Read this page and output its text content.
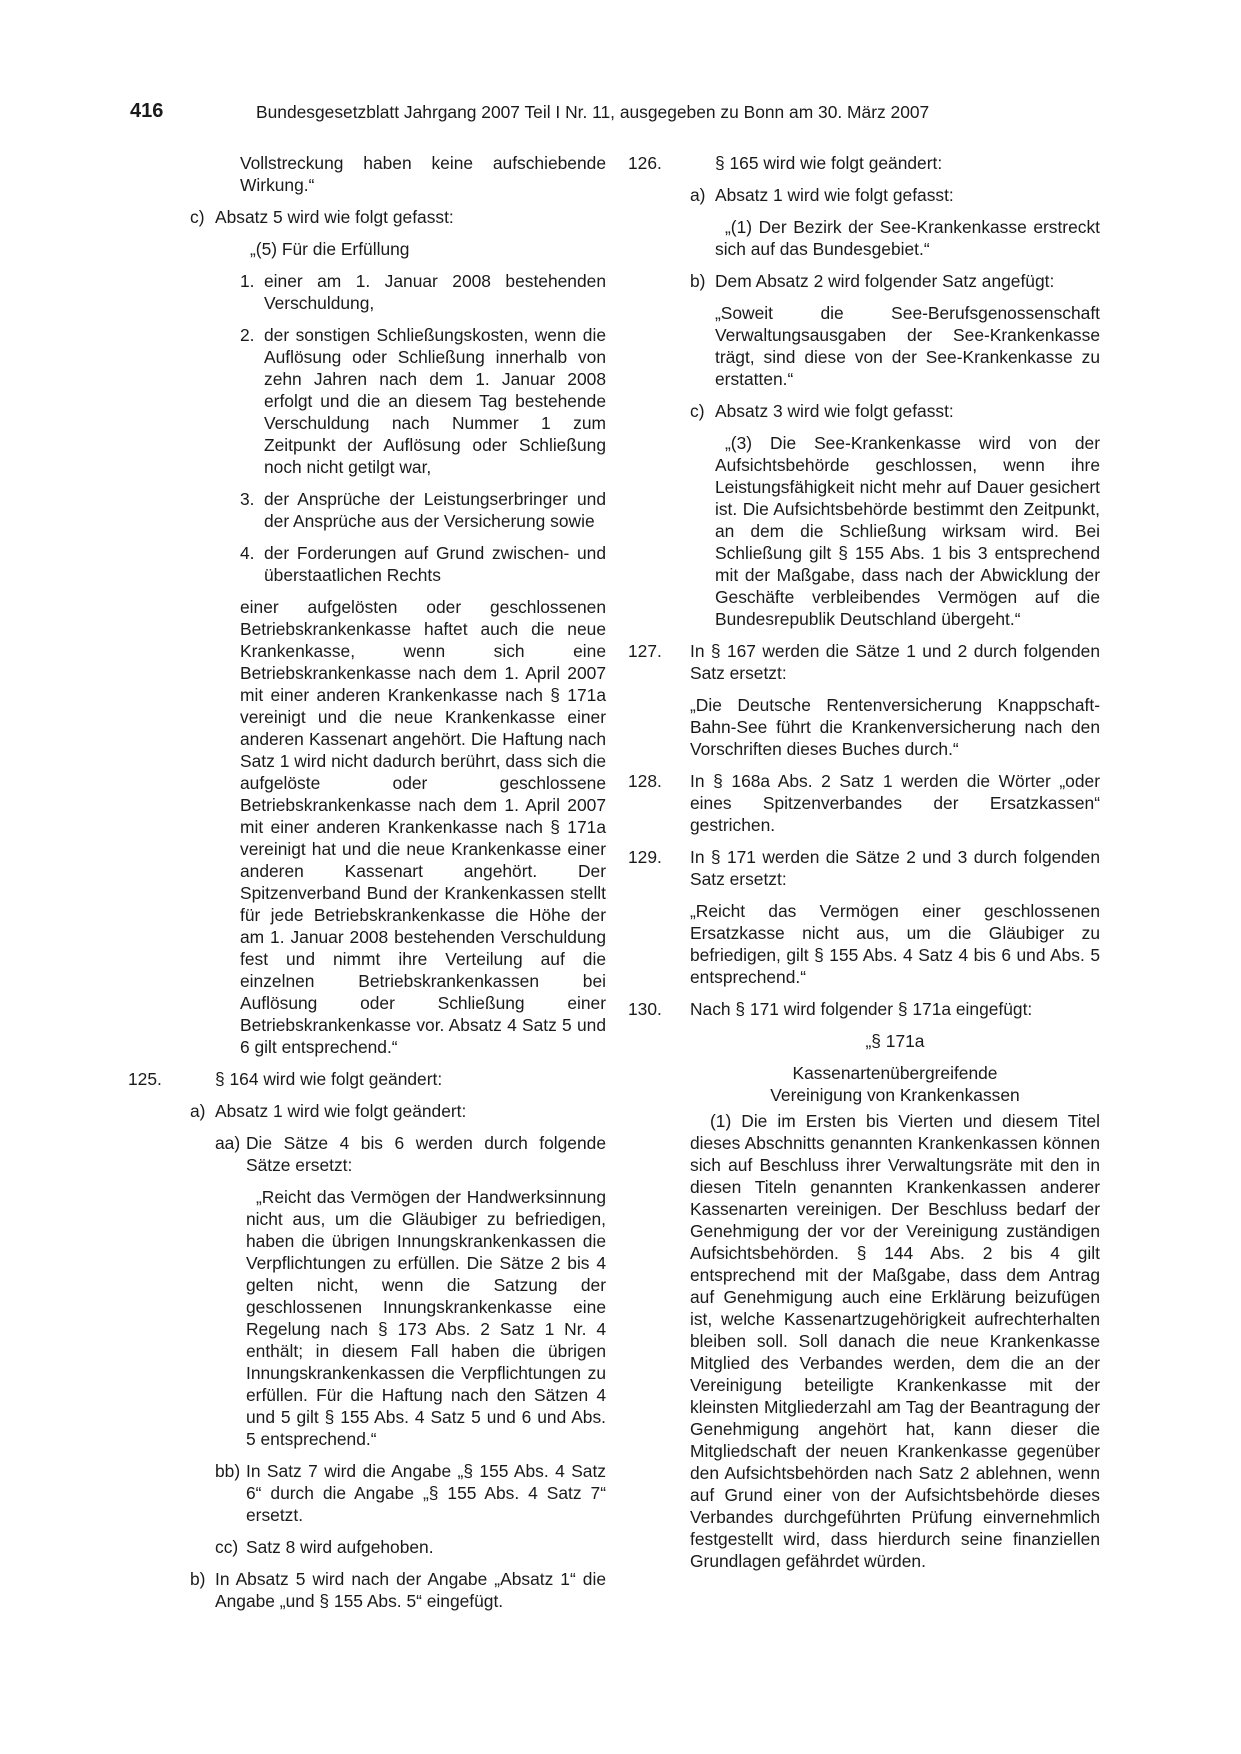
416	Bundesgesetzblatt Jahrgang 2007 Teil I Nr. 11, ausgegeben zu Bonn am 30. März 2007
Vollstreckung haben keine aufschiebende Wirkung.“
c) Absatz 5 wird wie folgt gefasst:
„(5) Für die Erfüllung
1. einer am 1. Januar 2008 bestehenden Verschuldung,
2. der sonstigen Schließungskosten, wenn die Auflösung oder Schließung innerhalb von zehn Jahren nach dem 1. Januar 2008 erfolgt und die an diesem Tag bestehende Verschuldung nach Nummer 1 zum Zeitpunkt der Auflösung oder Schließung noch nicht getilgt war,
3. der Ansprüche der Leistungserbringer und der Ansprüche aus der Versicherung sowie
4. der Forderungen auf Grund zwischen- und überstaatlichen Rechts
einer aufgelösten oder geschlossenen Betriebskrankenkasse haftet auch die neue Krankenkasse, wenn sich eine Betriebskrankenkasse nach dem 1. April 2007 mit einer anderen Krankenkasse nach § 171a vereinigt und die neue Krankenkasse einer anderen Kassenart angehört. Die Haftung nach Satz 1 wird nicht dadurch berührt, dass sich die aufgelöste oder geschlossene Betriebskrankenkasse nach dem 1. April 2007 mit einer anderen Krankenkasse nach § 171a vereinigt hat und die neue Krankenkasse einer anderen Kassenart angehört. Der Spitzenverband Bund der Krankenkassen stellt für jede Betriebskrankenkasse die Höhe der am 1. Januar 2008 bestehenden Verschuldung fest und nimmt ihre Verteilung auf die einzelnen Betriebskrankenkassen bei Auflösung oder Schließung einer Betriebskrankenkasse vor. Absatz 4 Satz 5 und 6 gilt entsprechend.“
125.	§ 164 wird wie folgt geändert:
a) Absatz 1 wird wie folgt geändert:
aa) Die Sätze 4 bis 6 werden durch folgende Sätze ersetzt:
„Reicht das Vermögen der Handwerksinnung nicht aus, um die Gläubiger zu befriedigen, haben die übrigen Innungskrankenkassen die Verpflichtungen zu erfüllen. Die Sätze 2 bis 4 gelten nicht, wenn die Satzung der geschlossenen Innungskrankenkasse eine Regelung nach § 173 Abs. 2 Satz 1 Nr. 4 enthält; in diesem Fall haben die übrigen Innungskrankenkassen die Verpflichtungen zu erfüllen. Für die Haftung nach den Sätzen 4 und 5 gilt § 155 Abs. 4 Satz 5 und 6 und Abs. 5 entsprechend.“
bb) In Satz 7 wird die Angabe „§ 155 Abs. 4 Satz 6“ durch die Angabe „§ 155 Abs. 4 Satz 7“ ersetzt.
cc) Satz 8 wird aufgehoben.
b) In Absatz 5 wird nach der Angabe „Absatz 1“ die Angabe „und § 155 Abs. 5“ eingefügt.
126.	§ 165 wird wie folgt geändert:
a) Absatz 1 wird wie folgt gefasst:
„(1) Der Bezirk der See-Krankenkasse erstreckt sich auf das Bundesgebiet.“
b) Dem Absatz 2 wird folgender Satz angefügt:
„Soweit die See-Berufsgenossenschaft Verwaltungsausgaben der See-Krankenkasse trägt, sind diese von der See-Krankenkasse zu erstatten.“
c) Absatz 3 wird wie folgt gefasst:
„(3) Die See-Krankenkasse wird von der Aufsichtsbehörde geschlossen, wenn ihre Leistungsfähigkeit nicht mehr auf Dauer gesichert ist. Die Aufsichtsbehörde bestimmt den Zeitpunkt, an dem die Schließung wirksam wird. Bei Schließung gilt § 155 Abs. 1 bis 3 entsprechend mit der Maßgabe, dass nach der Abwicklung der Geschäfte verbleibendes Vermögen auf die Bundesrepublik Deutschland übergeht.“
127. In § 167 werden die Sätze 1 und 2 durch folgenden Satz ersetzt:
„Die Deutsche Rentenversicherung Knappschaft-Bahn-See führt die Krankenversicherung nach den Vorschriften dieses Buches durch.“
128. In § 168a Abs. 2 Satz 1 werden die Wörter „oder eines Spitzenverbandes der Ersatzkassen“ gestrichen.
129. In § 171 werden die Sätze 2 und 3 durch folgenden Satz ersetzt:
„Reicht das Vermögen einer geschlossenen Ersatzkasse nicht aus, um die Gläubiger zu befriedigen, gilt § 155 Abs. 4 Satz 4 bis 6 und Abs. 5 entsprechend.“
130. Nach § 171 wird folgender § 171a eingefügt:
„§ 171a
Kassenartenübergreifende
Vereinigung von Krankenkassen
(1) Die im Ersten bis Vierten und diesem Titel dieses Abschnitts genannten Krankenkassen können sich auf Beschluss ihrer Verwaltungsräte mit den in diesen Titeln genannten Krankenkassen anderer Kassenarten vereinigen. Der Beschluss bedarf der Genehmigung der vor der Vereinigung zuständigen Aufsichtsbehörden. § 144 Abs. 2 bis 4 gilt entsprechend mit der Maßgabe, dass dem Antrag auf Genehmigung auch eine Erklärung beizufügen ist, welche Kassenartzugehörigkeit aufrechterhalten bleiben soll. Soll danach die neue Krankenkasse Mitglied des Verbandes werden, dem die an der Vereinigung beteiligte Krankenkasse mit der kleinsten Mitgliederzahl am Tag der Beantragung der Genehmigung angehört hat, kann dieser die Mitgliedschaft der neuen Krankenkasse gegenüber den Aufsichtsbehörden nach Satz 2 ablehnen, wenn auf Grund einer von der Aufsichtsbehörde dieses Verbandes durchgeführten Prüfung einvernehmlich festgestellt wird, dass hierdurch seine finanziellen Grundlagen gefährdet würden.
